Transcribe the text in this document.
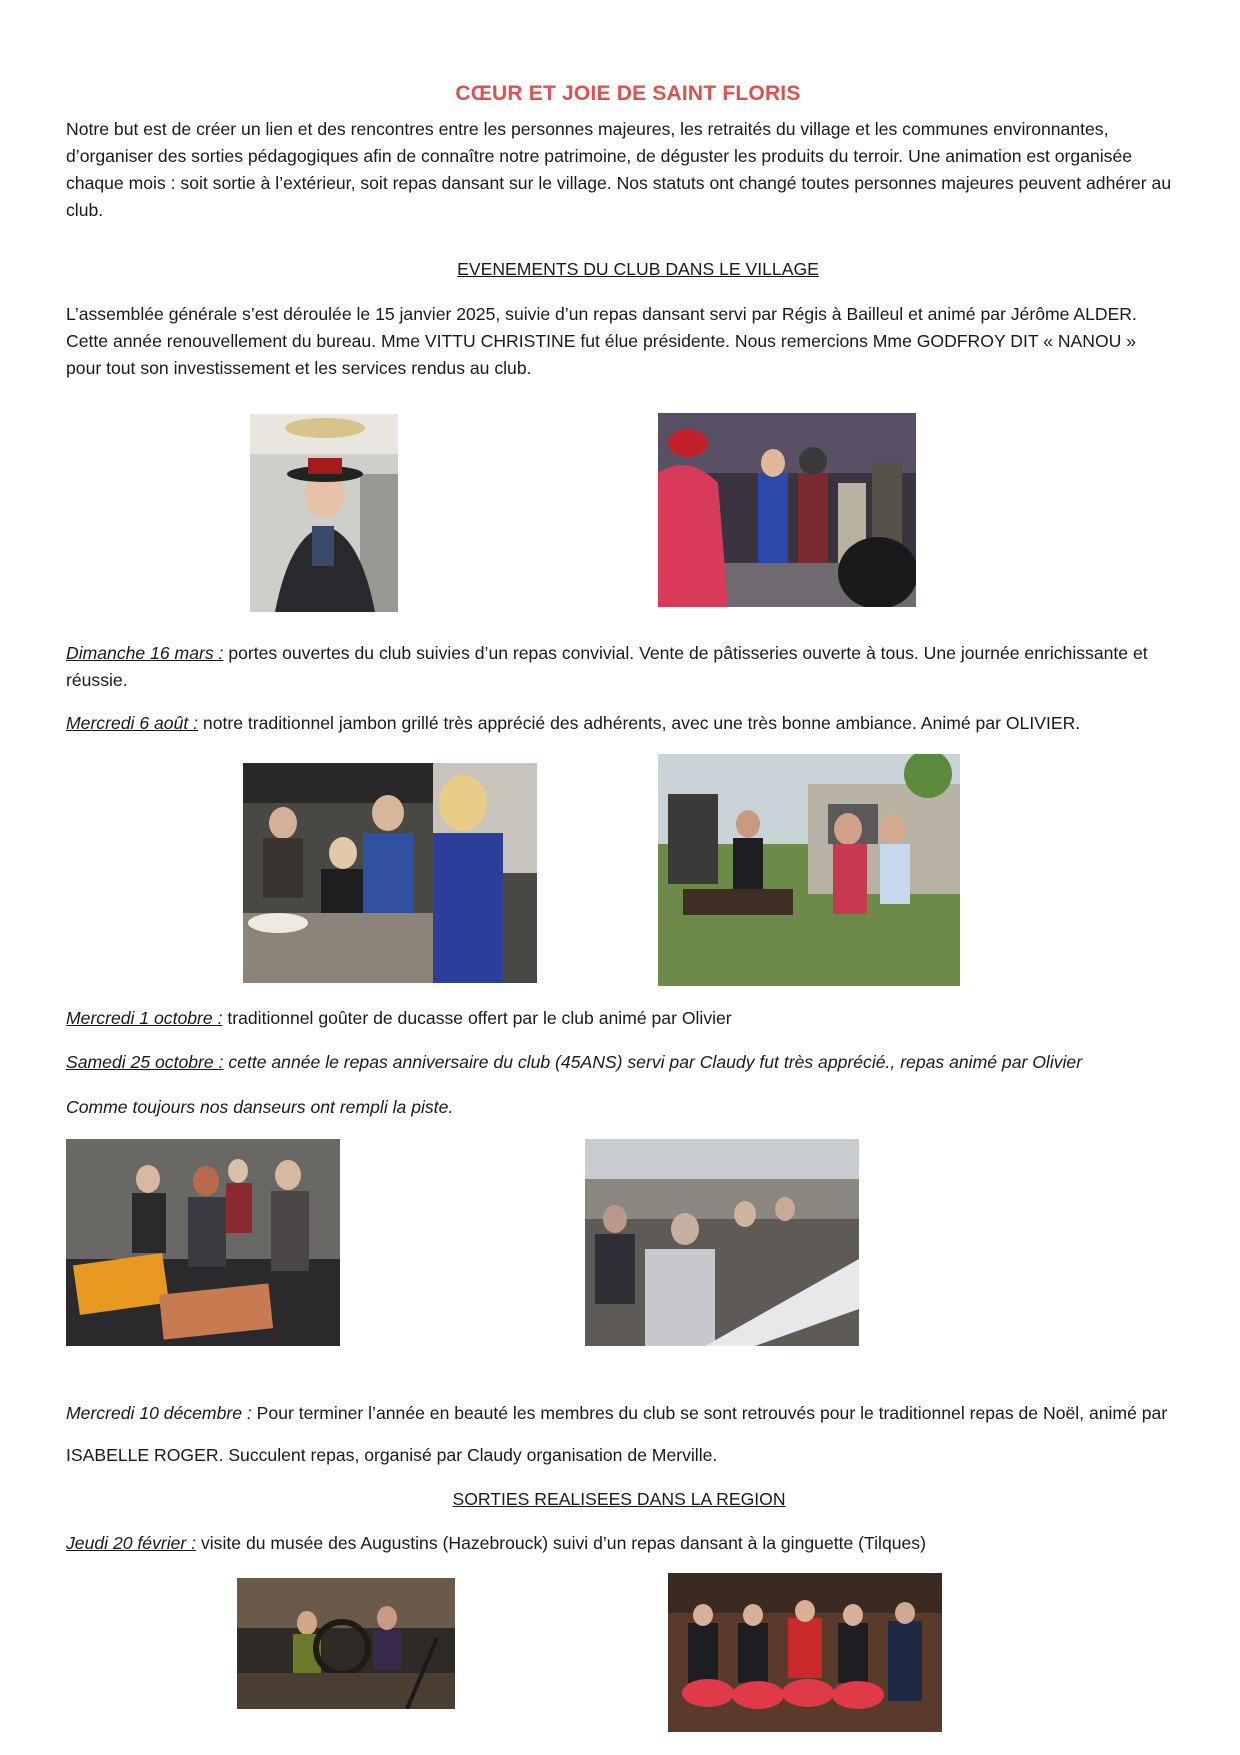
CŒUR ET JOIE DE SAINT FLORIS
Notre but est de créer un lien et des rencontres entre les personnes majeures, les retraités du village et les communes environnantes, d’organiser des sorties pédagogiques afin de connaître notre patrimoine, de déguster les produits du terroir. Une animation est organisée chaque mois : soit sortie à l’extérieur, soit repas dansant sur le village. Nos statuts ont changé toutes personnes majeures peuvent adhérer au club.
EVENEMENTS DU CLUB DANS LE VILLAGE
L’assemblée générale s’est déroulée le 15 janvier 2025, suivie d’un repas dansant servi par Régis à Bailleul et animé par Jérôme ALDER. Cette année renouvellement du bureau. Mme VITTU CHRISTINE fut élue présidente. Nous remercions Mme GODFROY DIT « NANOU » pour tout son investissement et les services rendus au club.
Dimanche 16 mars : portes ouvertes du club suivies d’un repas convivial. Vente de pâtisseries ouverte à tous. Une journée enrichissante et réussie.
Mercredi 6 août : notre traditionnel jambon grillé très apprécié des adhérents, avec une très bonne ambiance. Animé par OLIVIER.
Mercredi 1 octobre : traditionnel goûter de ducasse offert par le club animé par Olivier
Samedi 25 octobre : cette année le repas anniversaire du club (45ANS) servi par Claudy fut très apprécié., repas animé par Olivier
Comme toujours nos danseurs ont rempli la piste.
Mercredi 10 décembre : Pour terminer l’année en beauté les membres du club se sont retrouvés pour le traditionnel repas de Noël, animé par ISABELLE ROGER. Succulent repas, organisé par Claudy organisation de Merville.
SORTIES REALISEES DANS LA REGION
Jeudi 20 février : visite du musée des Augustins (Hazebrouck) suivi d’un repas dansant à la ginguette (Tilques)
